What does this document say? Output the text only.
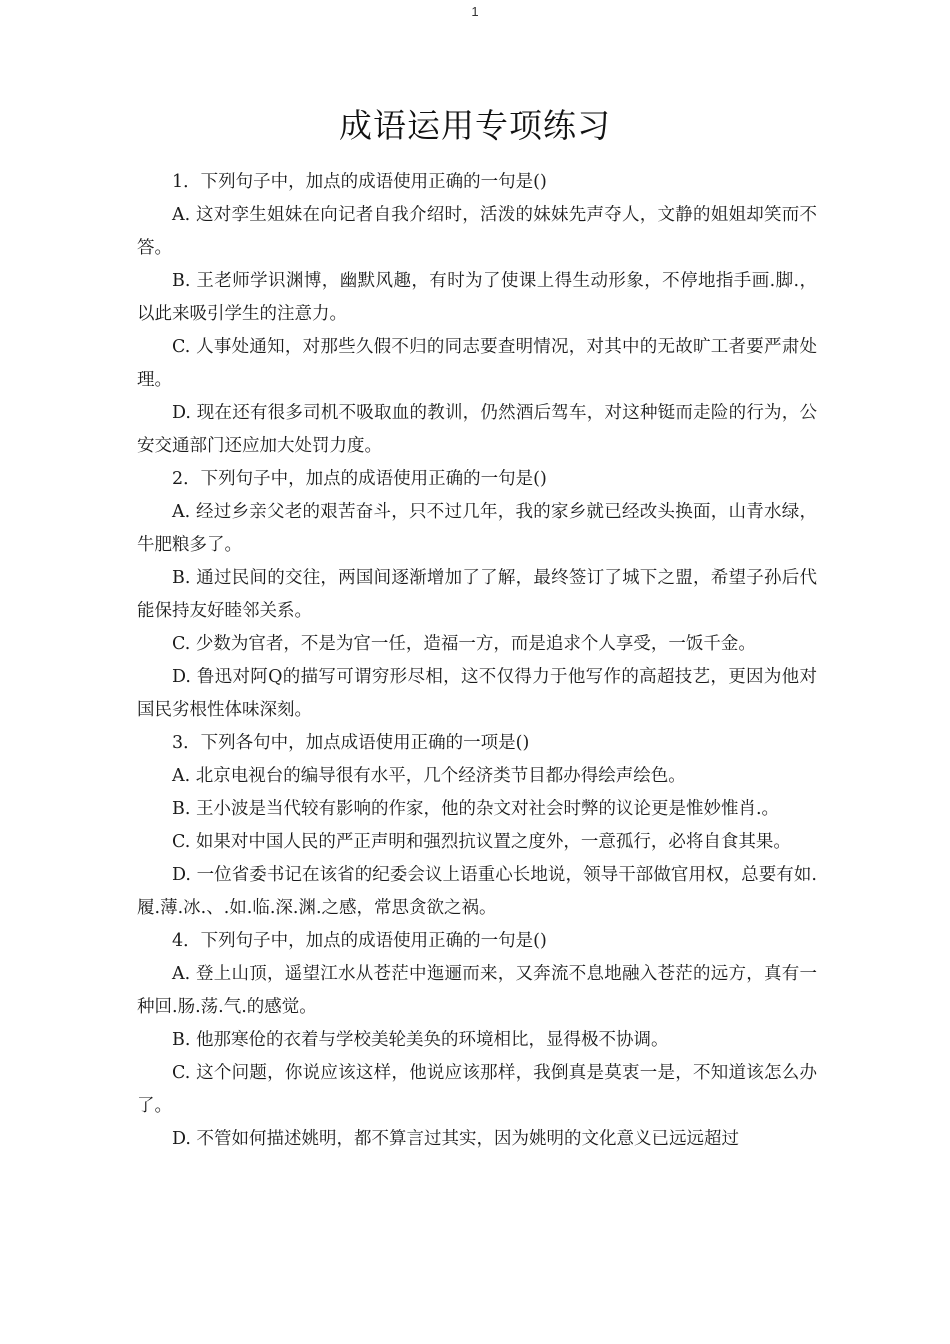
1
成语运用专项练习

1．下列句子中，加点的成语使用正确的一句是()

A. 这对孪生姐妹在向记者自我介绍时，活泼的妹妹先声夺人，文静的姐姐却笑而不答。

B. 王老师学识渊博，幽默风趣，有时为了使课上得生动形象，不停地指手画.脚.，以此来吸引学生的注意力。

C. 人事处通知，对那些久假不归的同志要查明情况，对其中的无故旷工者要严肃处理。

D. 现在还有很多司机不吸取血的教训，仍然酒后驾车，对这种铤而走险的行为，公安交通部门还应加大处罚力度。

2．下列句子中，加点的成语使用正确的一句是()

A. 经过乡亲父老的艰苦奋斗，只不过几年，我的家乡就已经改头换面，山青水绿，牛肥粮多了。

B. 通过民间的交往，两国间逐渐增加了了解，最终签订了城下之盟，希望子孙后代能保持友好睦邻关系。

C. 少数为官者，不是为官一任，造福一方，而是追求个人享受，一饭千金。

D. 鲁迅对阿Q的描写可谓穷形尽相，这不仅得力于他写作的高超技艺，更因为他对国民劣根性体味深刻。

3．下列各句中，加点成语使用正确的一项是()

A. 北京电视台的编导很有水平，几个经济类节目都办得绘声绘色。

B. 王小波是当代较有影响的作家，他的杂文对社会时弊的议论更是惟妙惟肖.。

C. 如果对中国人民的严正声明和强烈抗议置之度外，一意孤行，必将自食其果。

D. 一位省委书记在该省的纪委会议上语重心长地说，领导干部做官用权，总要有如.履.薄.冰.、.如.临.深.渊.之感，常思贪欲之祸。

4．下列句子中，加点的成语使用正确的一句是()

A. 登上山顶，遥望江水从苍茫中迤逦而来，又奔流不息地融入苍茫的远方，真有一种回.肠.荡.气.的感觉。

B. 他那寒伧的衣着与学校美轮美奂的环境相比，显得极不协调。

C. 这个问题，你说应该这样，他说应该那样，我倒真是莫衷一是，不知道该怎么办了。

D. 不管如何描述姚明，都不算言过其实，因为姚明的文化意义已远远超过
